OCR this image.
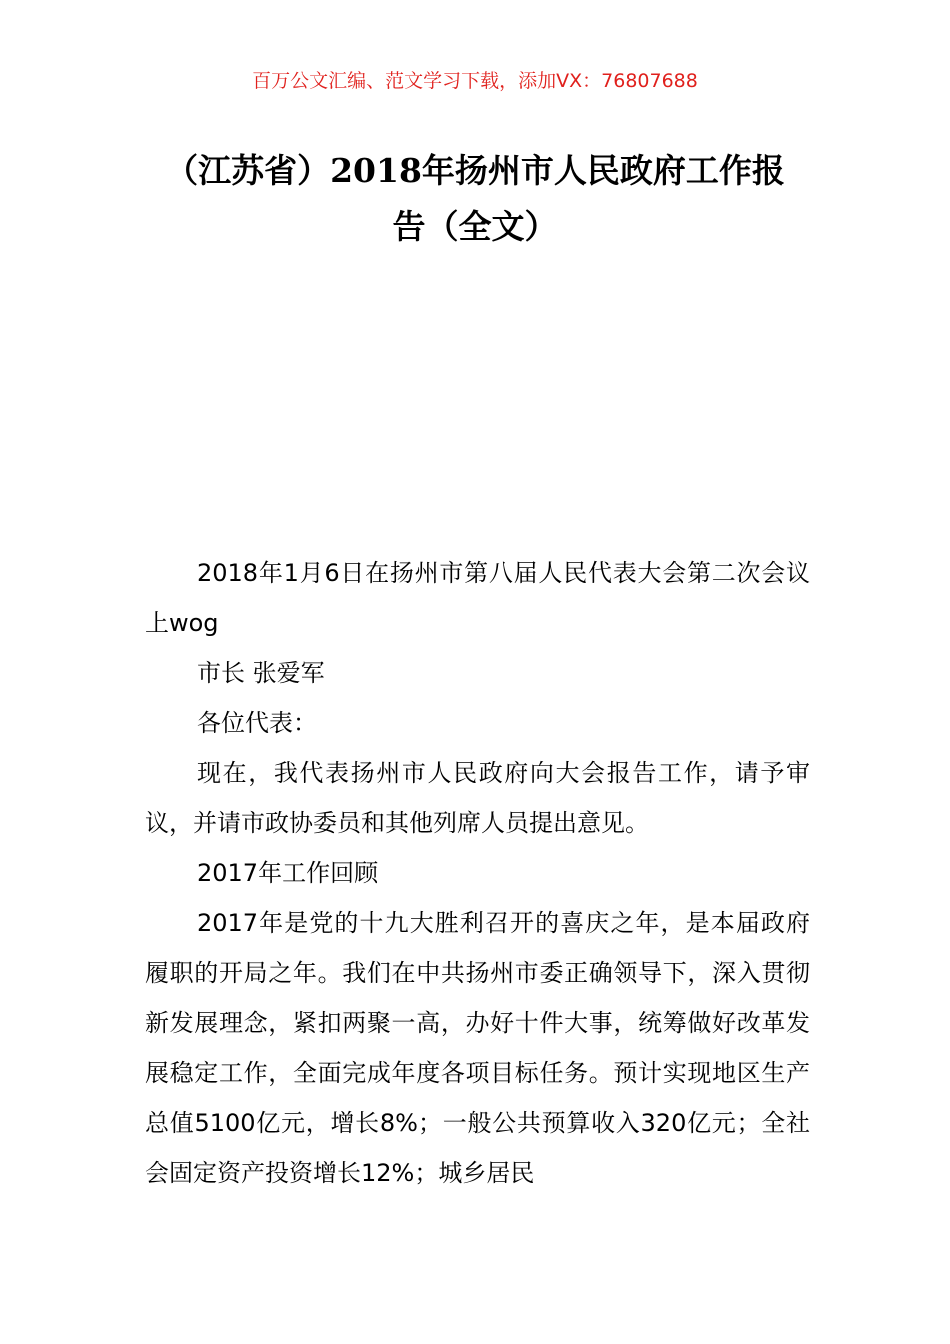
百万公文汇编、范文学习下载，添加VX：76807688
（江苏省）2018年扬州市人民政府工作报
告（全文）

2018年1月6日在扬州市第八届人民代表大会第二次会议上wog

市长 张爱军

各位代表：

现在，我代表扬州市人民政府向大会报告工作，请予审议，并请市政协委员和其他列席人员提出意见。

2017年工作回顾

2017年是党的十九大胜利召开的喜庆之年，是本届政府履职的开局之年。我们在中共扬州市委正确领导下，深入贯彻新发展理念，紧扣两聚一高，办好十件大事，统筹做好改革发展稳定工作，全面完成年度各项目标任务。预计实现地区生产总值5100亿元，增长8%；一般公共预算收入320亿元；全社会固定资产投资增长12%；城乡居民
